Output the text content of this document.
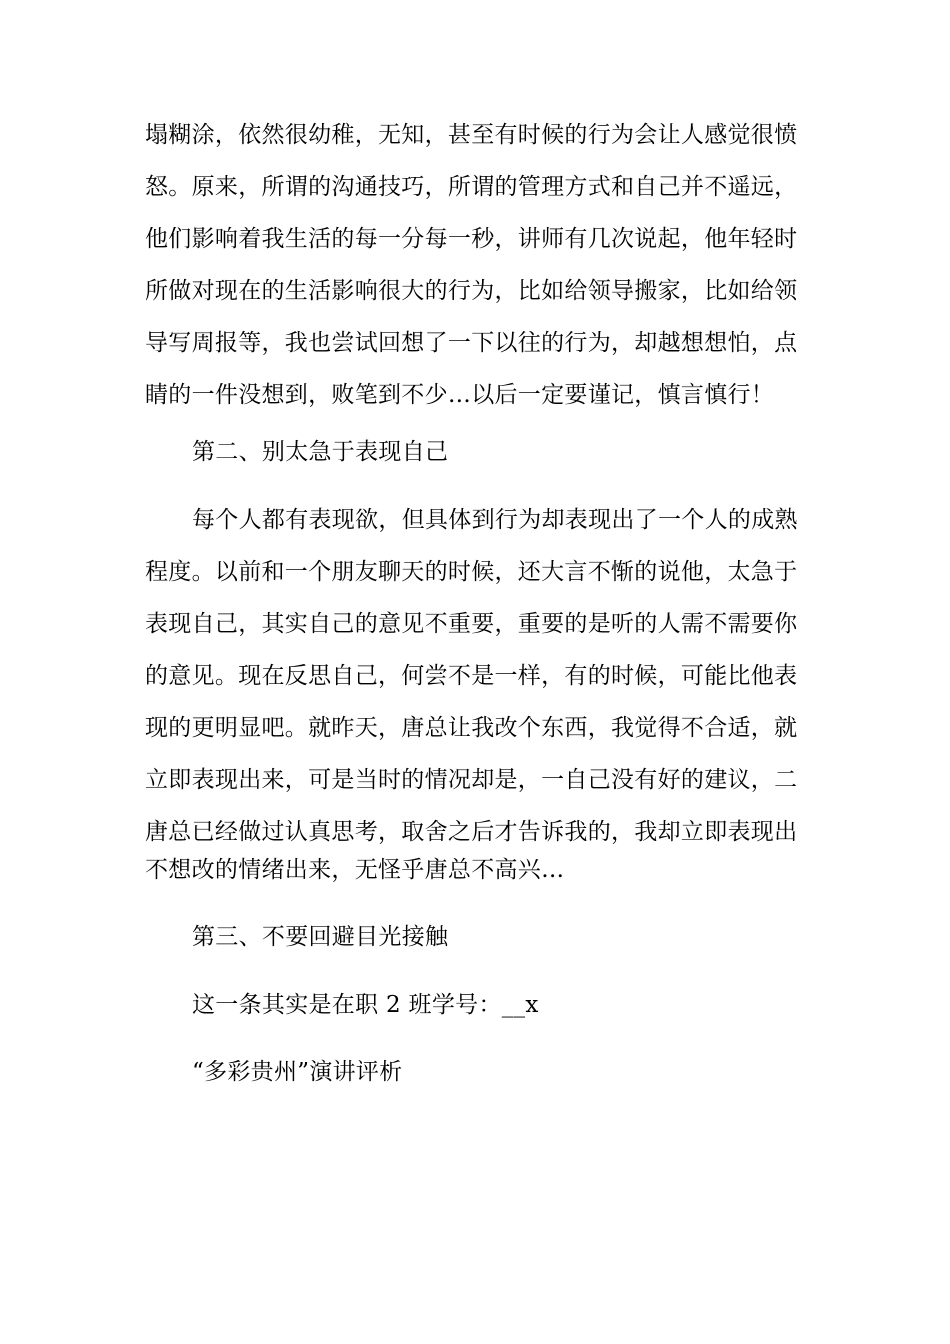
塌糊涂，依然很幼稚，无知，甚至有时候的行为会让人感觉很愤
怒。原来，所谓的沟通技巧，所谓的管理方式和自己并不遥远，
他们影响着我生活的每一分每一秒，讲师有几次说起，他年轻时
所做对现在的生活影响很大的行为，比如给领导搬家，比如给领
导写周报等，我也尝试回想了一下以往的行为，却越想想怕，点
睛的一件没想到，败笔到不少…以后一定要谨记，慎言慎行！
第二、别太急于表现自己
每个人都有表现欲，但具体到行为却表现出了一个人的成熟
程度。以前和一个朋友聊天的时候，还大言不惭的说他，太急于
表现自己，其实自己的意见不重要，重要的是听的人需不需要你
的意见。现在反思自己，何尝不是一样，有的时候，可能比他表
现的更明显吧。就昨天，唐总让我改个东西，我觉得不合适，就
立即表现出来，可是当时的情况却是，一自己没有好的建议，二
唐总已经做过认真思考，取舍之后才告诉我的，我却立即表现出
不想改的情绪出来，无怪乎唐总不高兴…
第三、不要回避目光接触
这一条其实是在职 2 班学号：__x
“多彩贵州”演讲评析
